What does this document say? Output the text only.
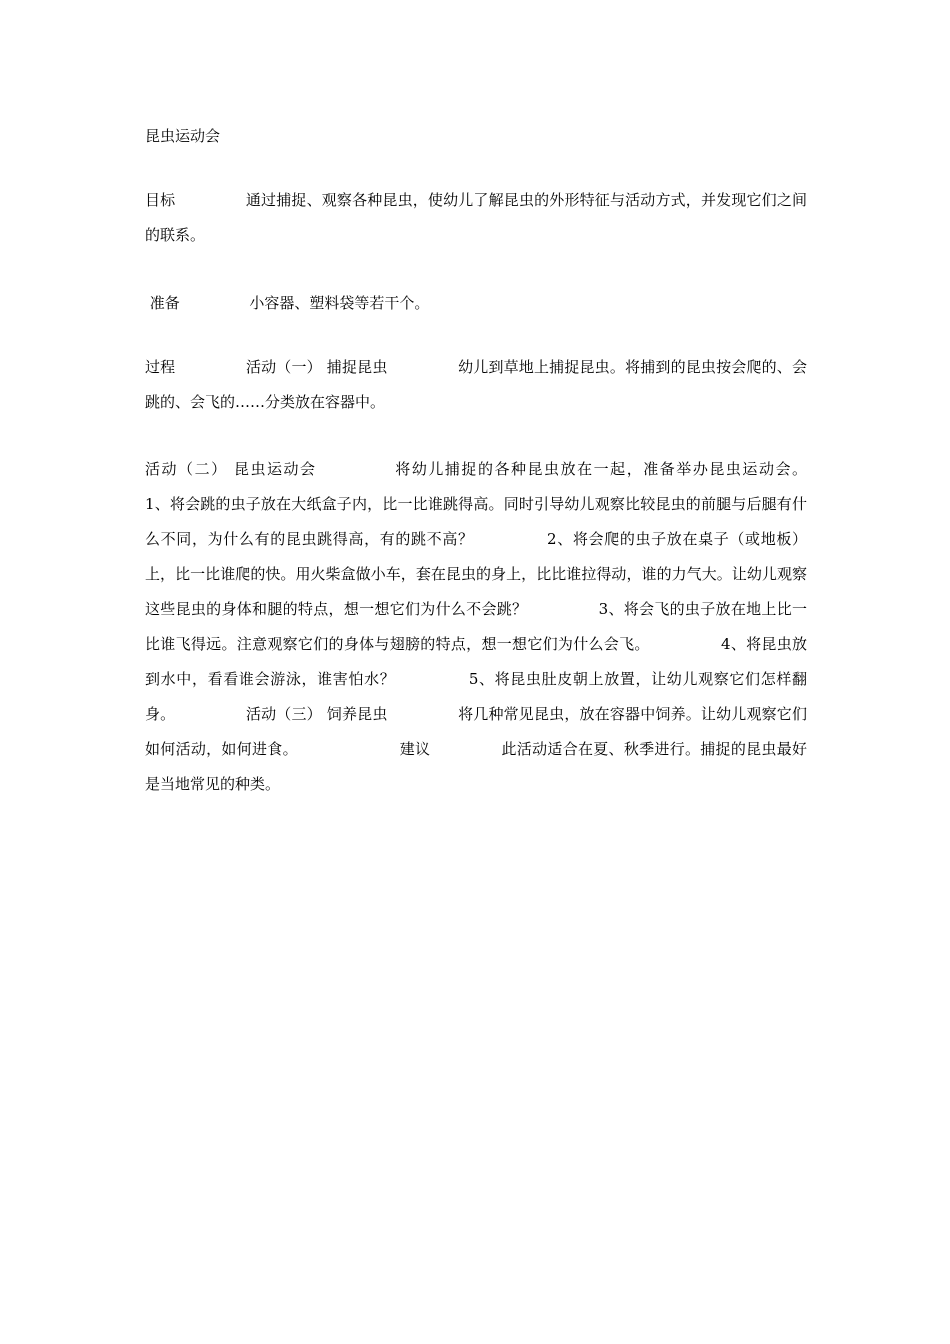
昆虫运动会

目标 　　　　 通过捕捉、观察各种昆虫，使幼儿了解昆虫的外形特征与活动方式，并发现它们之间的联系。

准备 　　　　 小容器、塑料袋等若干个。

过程 　　　　 活动（一） 捕捉昆虫 　　　　 幼儿到草地上捕捉昆虫。将捕到的昆虫按会爬的、会跳的、会飞的……分类放在容器中。

活动（二） 昆虫运动会 　　　　 将幼儿捕捉的各种昆虫放在一起，准备举办昆虫运动会。 　　　　 1、将会跳的虫子放在大纸盒子内，比一比谁跳得高。同时引导幼儿观察比较昆虫的前腿与后腿有什么不同，为什么有的昆虫跳得高，有的跳不高？ 　　　　 2、将会爬的虫子放在桌子（或地板）上，比一比谁爬的快。用火柴盒做小车，套在昆虫的身上，比比谁拉得动，谁的力气大。让幼儿观察这些昆虫的身体和腿的特点，想一想它们为什么不会跳？ 　　　　 3、将会飞的虫子放在地上比一比谁飞得远。注意观察它们的身体与翅膀的特点，想一想它们为什么会飞。 　　　　 4、将昆虫放到水中，看看谁会游泳，谁害怕水？ 　　　　 5、将昆虫肚皮朝上放置，让幼儿观察它们怎样翻身。 　　　　 活动（三） 饲养昆虫 　　　　 将几种常见昆虫，放在容器中饲养。让幼儿观察它们如何活动，如何进食。 　　　　　　 建议 　　　　 此活动适合在夏、秋季进行。捕捉的昆虫最好是当地常见的种类。
